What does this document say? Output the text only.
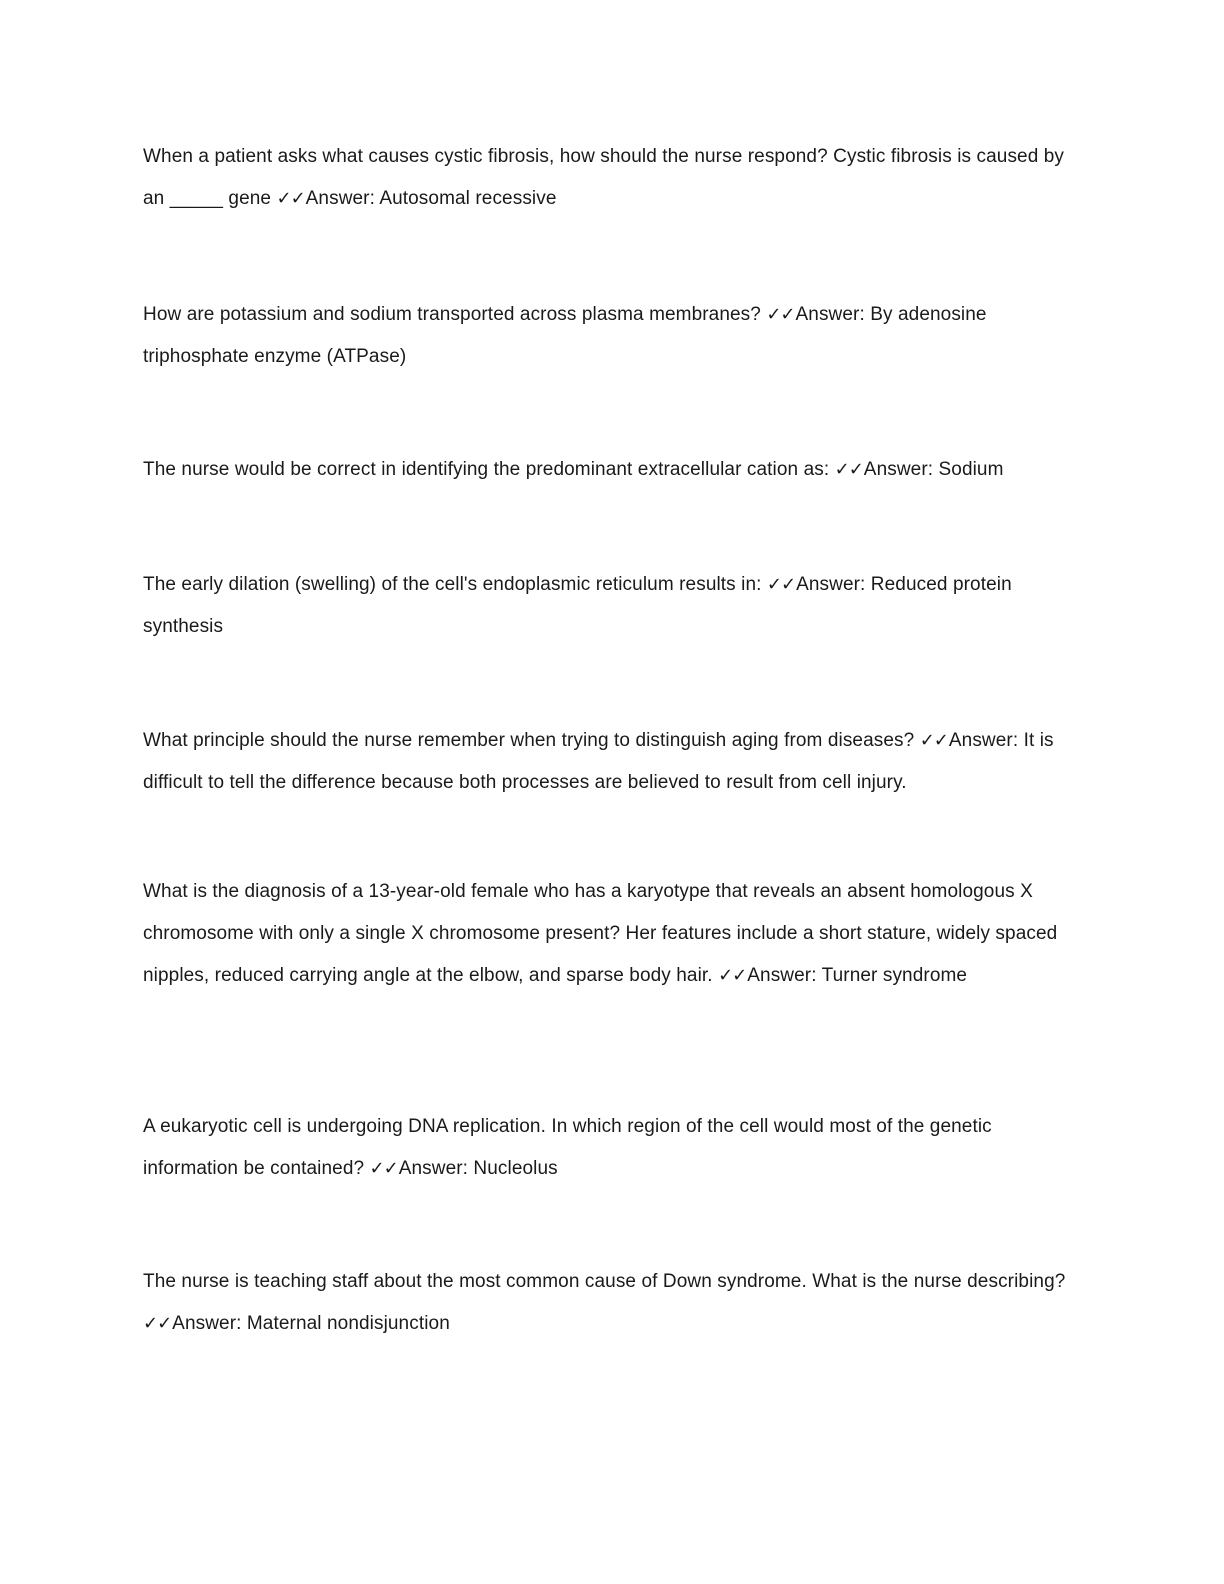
When a patient asks what causes cystic fibrosis, how should the nurse respond? Cystic fibrosis is caused by an _____ gene ✓✓Answer: Autosomal recessive

How are potassium and sodium transported across plasma membranes? ✓✓Answer: By adenosine triphosphate enzyme (ATPase)

The nurse would be correct in identifying the predominant extracellular cation as: ✓✓Answer: Sodium

The early dilation (swelling) of the cell's endoplasmic reticulum results in: ✓✓Answer: Reduced protein synthesis

What principle should the nurse remember when trying to distinguish aging from diseases? ✓✓Answer: It is difficult to tell the difference because both processes are believed to result from cell injury.

What is the diagnosis of a 13-year-old female who has a karyotype that reveals an absent homologous X chromosome with only a single X chromosome present? Her features include a short stature, widely spaced nipples, reduced carrying angle at the elbow, and sparse body hair. ✓✓Answer: Turner syndrome

A eukaryotic cell is undergoing DNA replication. In which region of the cell would most of the genetic information be contained? ✓✓Answer: Nucleolus

The nurse is teaching staff about the most common cause of Down syndrome. What is the nurse describing? ✓✓Answer: Maternal nondisjunction
